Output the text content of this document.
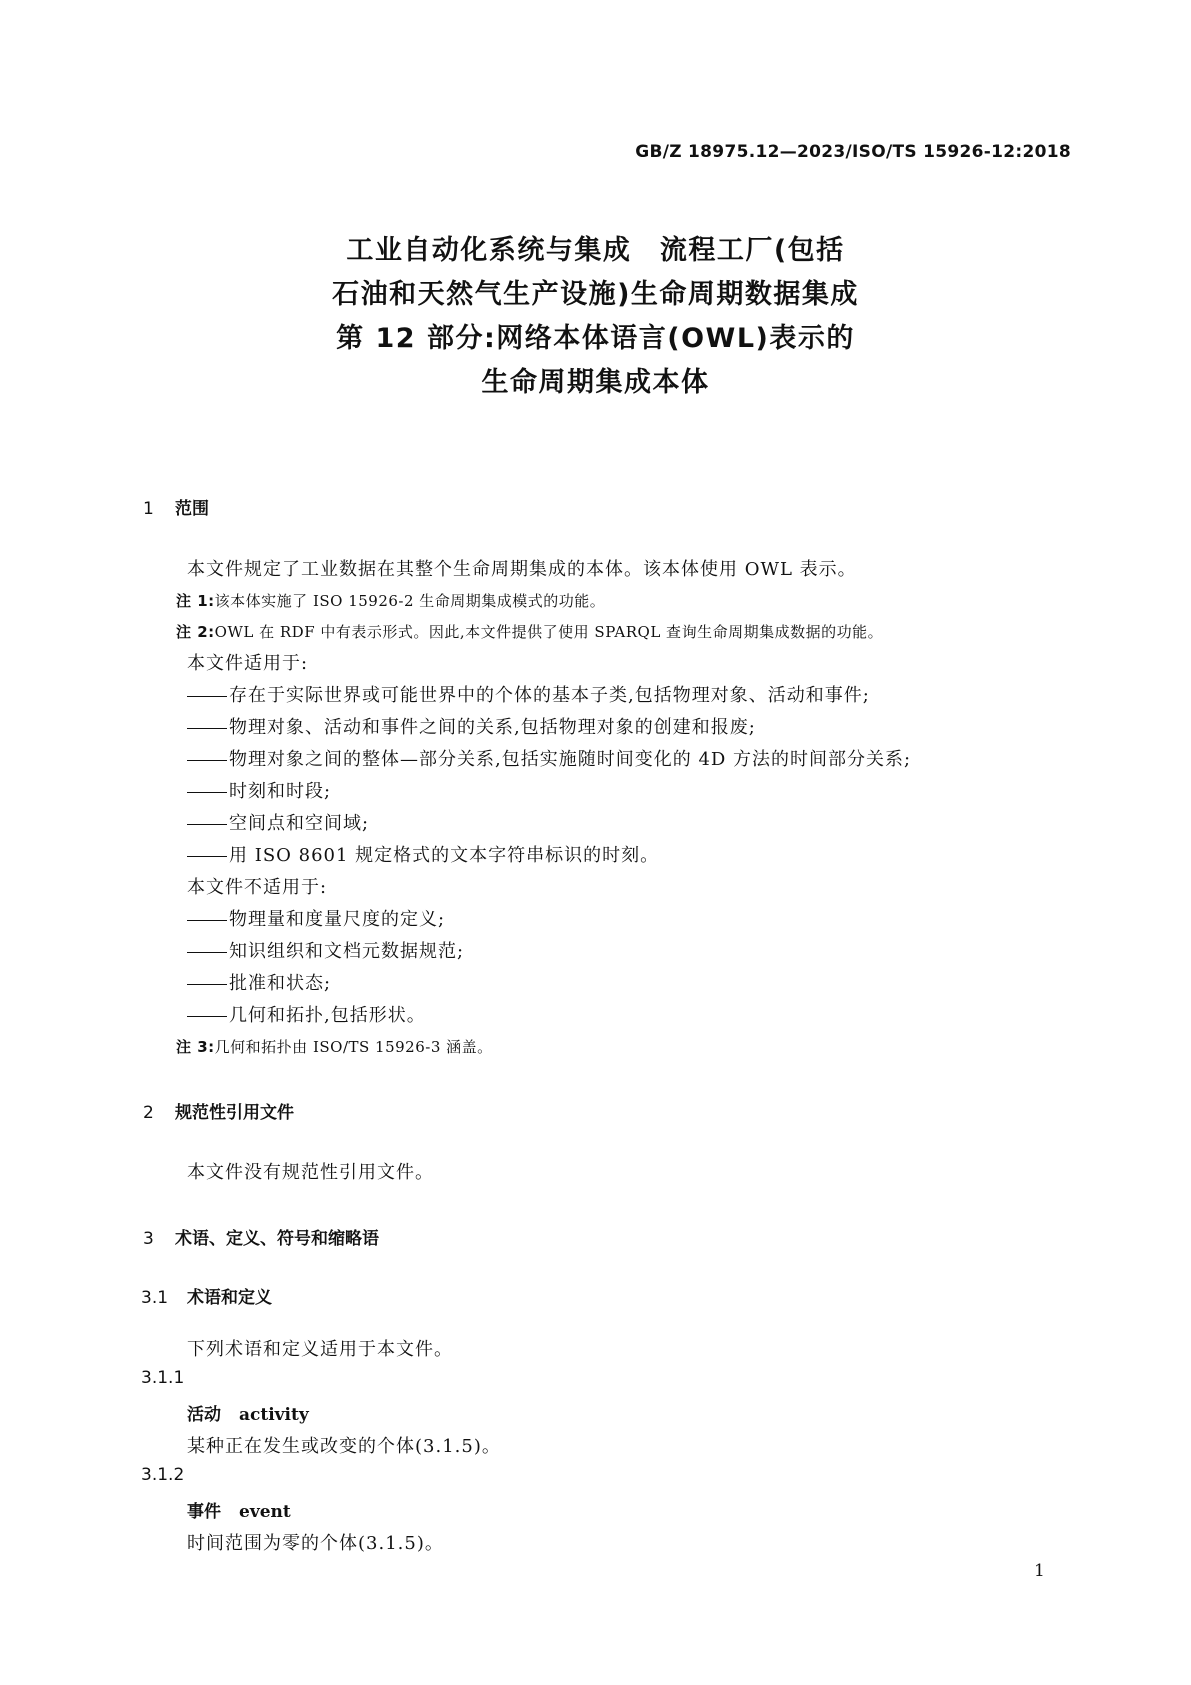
GB/Z 18975.12—2023/ISO/TS 15926-12:2018
工业自动化系统与集成　流程工厂(包括
石油和天然气生产设施)生命周期数据集成
第 12 部分:网络本体语言(OWL)表示的
生命周期集成本体
1 范围
本文件规定了工业数据在其整个生命周期集成的本体。该本体使用 OWL 表示。
注 1:该本体实施了 ISO 15926-2 生命周期集成模式的功能。
注 2:OWL 在 RDF 中有表示形式。因此,本文件提供了使用 SPARQL 查询生命周期集成数据的功能。
本文件适用于:
存在于实际世界或可能世界中的个体的基本子类,包括物理对象、活动和事件;
物理对象、活动和事件之间的关系,包括物理对象的创建和报废;
物理对象之间的整体—部分关系,包括实施随时间变化的 4D 方法的时间部分关系;
时刻和时段;
空间点和空间域;
用 ISO 8601 规定格式的文本字符串标识的时刻。
本文件不适用于:
物理量和度量尺度的定义;
知识组织和文档元数据规范;
批准和状态;
几何和拓扑,包括形状。
注 3:几何和拓扑由 ISO/TS 15926-3 涵盖。
2 规范性引用文件
本文件没有规范性引用文件。
3 术语、定义、符号和缩略语
3.1 术语和定义
下列术语和定义适用于本文件。
3.1.1
活动 activity
某种正在发生或改变的个体(3.1.5)。
3.1.2
事件 event
时间范围为零的个体(3.1.5)。
1
